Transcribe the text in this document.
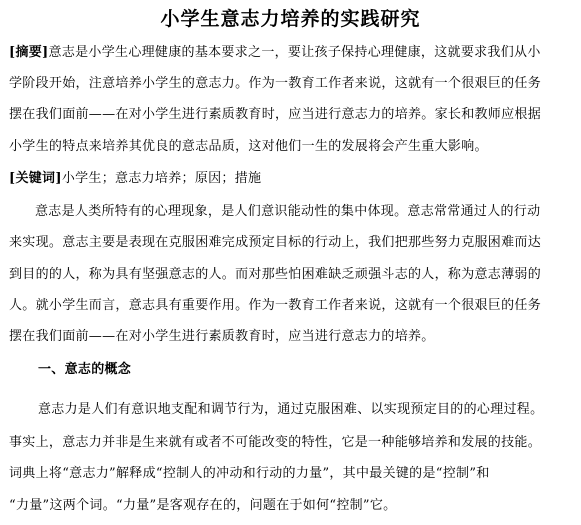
小学生意志力培养的实践研究
[摘要]意志是小学生心理健康的基本要求之一，要让孩子保持心理健康，这就要求我们从小
学阶段开始，注意培养小学生的意志力。作为一教育工作者来说，这就有一个很艰巨的任务
摆在我们面前——在对小学生进行素质教育时，应当进行意志力的培养。家长和教师应根据
小学生的特点来培养其优良的意志品质，这对他们一生的发展将会产生重大影响。
[关键词]小学生；意志力培养；原因；措施
意志是人类所特有的心理现象，是人们意识能动性的集中体现。意志常常通过人的行动
来实现。意志主要是表现在克服困难完成预定目标的行动上，我们把那些努力克服困难而达
到目的的人，称为具有坚强意志的人。而对那些怕困难缺乏顽强斗志的人，称为意志薄弱的
人。就小学生而言，意志具有重要作用。作为一教育工作者来说，这就有一个很艰巨的任务
摆在我们面前——在对小学生进行素质教育时，应当进行意志力的培养。
一、意志的概念
意志力是人们有意识地支配和调节行为，通过克服困难、以实现预定目的的心理过程。
事实上，意志力并非是生来就有或者不可能改变的特性，它是一种能够培养和发展的技能。
词典上将“意志力”解释成“控制人的冲动和行动的力量”，其中最关键的是“控制”和
“力量”这两个词。“力量”是客观存在的，问题在于如何“控制”它。
